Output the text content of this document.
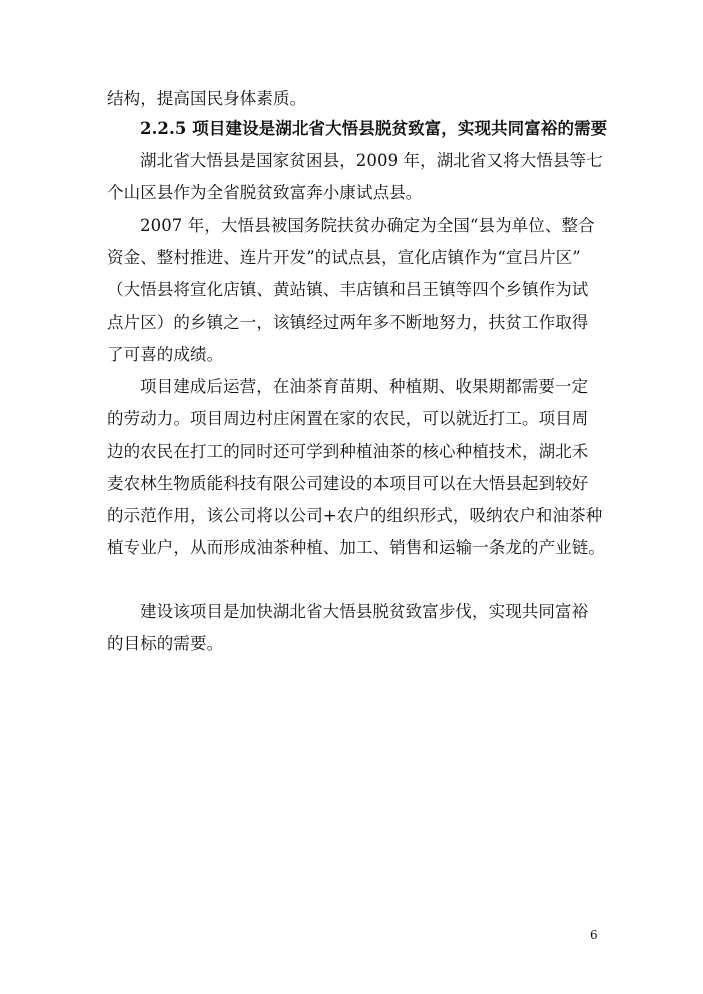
结构，提高国民身体素质。
2.2.5 项目建设是湖北省大悟县脱贫致富，实现共同富裕的需要
湖北省大悟县是国家贫困县，2009 年，湖北省又将大悟县等七
个山区县作为全省脱贫致富奔小康试点县。
2007 年，大悟县被国务院扶贫办确定为全国“县为单位、整合
资金、整村推进、连片开发”的试点县，宣化店镇作为“宣吕片区”
（大悟县将宣化店镇、黄站镇、丰店镇和吕王镇等四个乡镇作为试
点片区）的乡镇之一，该镇经过两年多不断地努力，扶贫工作取得
了可喜的成绩。
项目建成后运营，在油茶育苗期、种植期、收果期都需要一定
的劳动力。项目周边村庄闲置在家的农民，可以就近打工。项目周
边的农民在打工的同时还可学到种植油茶的核心种植技术，湖北禾
麦农林生物质能科技有限公司建设的本项目可以在大悟县起到较好
的示范作用，该公司将以公司+农户的组织形式，吸纳农户和油茶种
植专业户，从而形成油茶种植、加工、销售和运输一条龙的产业链。
建设该项目是加快湖北省大悟县脱贫致富步伐，实现共同富裕
的目标的需要。
6
